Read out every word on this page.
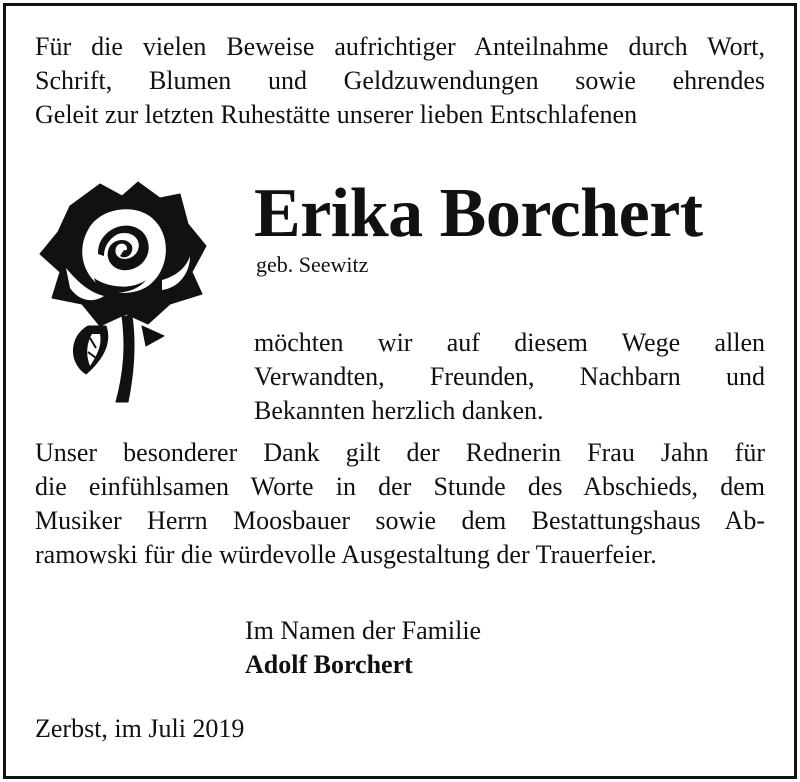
Für die vielen Beweise aufrichtiger Anteilnahme durch Wort,
Schrift, Blumen und Geldzuwendungen sowie ehrendes
Geleit zur letzten Ruhestätte unserer lieben Entschlafenen
Erika Borchert
geb. Seewitz
möchten wir auf diesem Wege allen
Verwandten, Freunden, Nachbarn und
Bekannten herzlich danken.
Unser besonderer Dank gilt der Rednerin Frau Jahn für
die einfühlsamen Worte in der Stunde des Abschieds, dem
Musiker Herrn Moosbauer sowie dem Bestattungshaus Ab-
ramowski für die würdevolle Ausgestaltung der Trauerfeier.
Im Namen der Familie
Adolf Borchert
Zerbst, im Juli 2019
